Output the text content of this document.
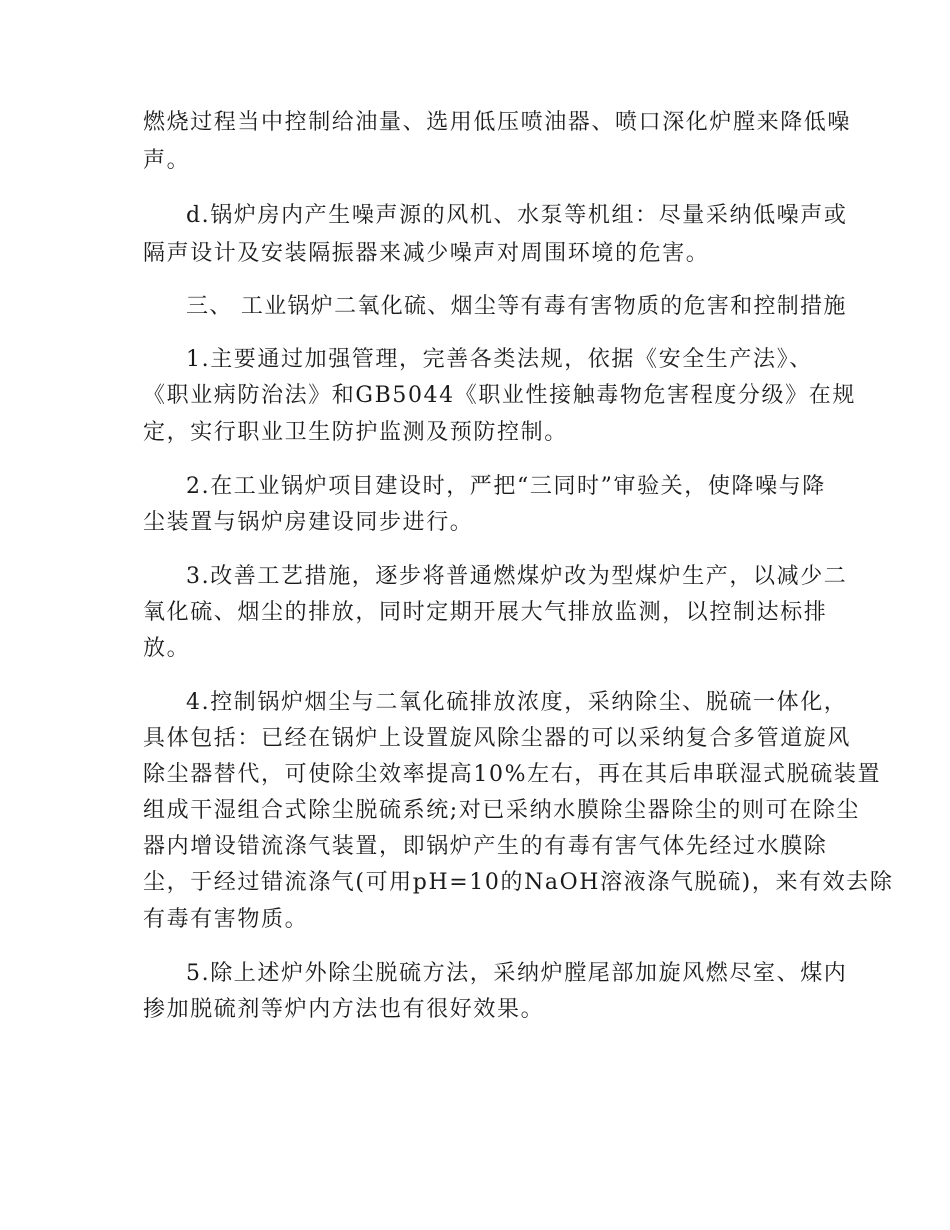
燃烧过程当中控制给油量、选用低压喷油器、喷口深化炉膛来降低噪
声。
d.锅炉房内产生噪声源的风机、水泵等机组：尽量采纳低噪声或
隔声设计及安装隔振器来减少噪声对周围环境的危害。
三、 工业锅炉二氧化硫、烟尘等有毒有害物质的危害和控制措施
1.主要通过加强管理，完善各类法规，依据《安全生产法》、
《职业病防治法》和GB5044《职业性接触毒物危害程度分级》在规
定，实行职业卫生防护监测及预防控制。
2.在工业锅炉项目建设时，严把“三同时”审验关，使降噪与降
尘装置与锅炉房建设同步进行。
3.改善工艺措施，逐步将普通燃煤炉改为型煤炉生产，以减少二
氧化硫、烟尘的排放，同时定期开展大气排放监测，以控制达标排
放。
4.控制锅炉烟尘与二氧化硫排放浓度，采纳除尘、脱硫一体化，
具体包括：已经在锅炉上设置旋风除尘器的可以采纳复合多管道旋风
除尘器替代，可使除尘效率提高10%左右，再在其后串联湿式脱硫装置
组成干湿组合式除尘脱硫系统;对已采纳水膜除尘器除尘的则可在除尘
器内增设错流涤气装置，即锅炉产生的有毒有害气体先经过水膜除
尘，于经过错流涤气(可用pH=10的NaOH溶液涤气脱硫)，来有效去除
有毒有害物质。
5.除上述炉外除尘脱硫方法，采纳炉膛尾部加旋风燃尽室、煤内
掺加脱硫剂等炉内方法也有很好效果。
